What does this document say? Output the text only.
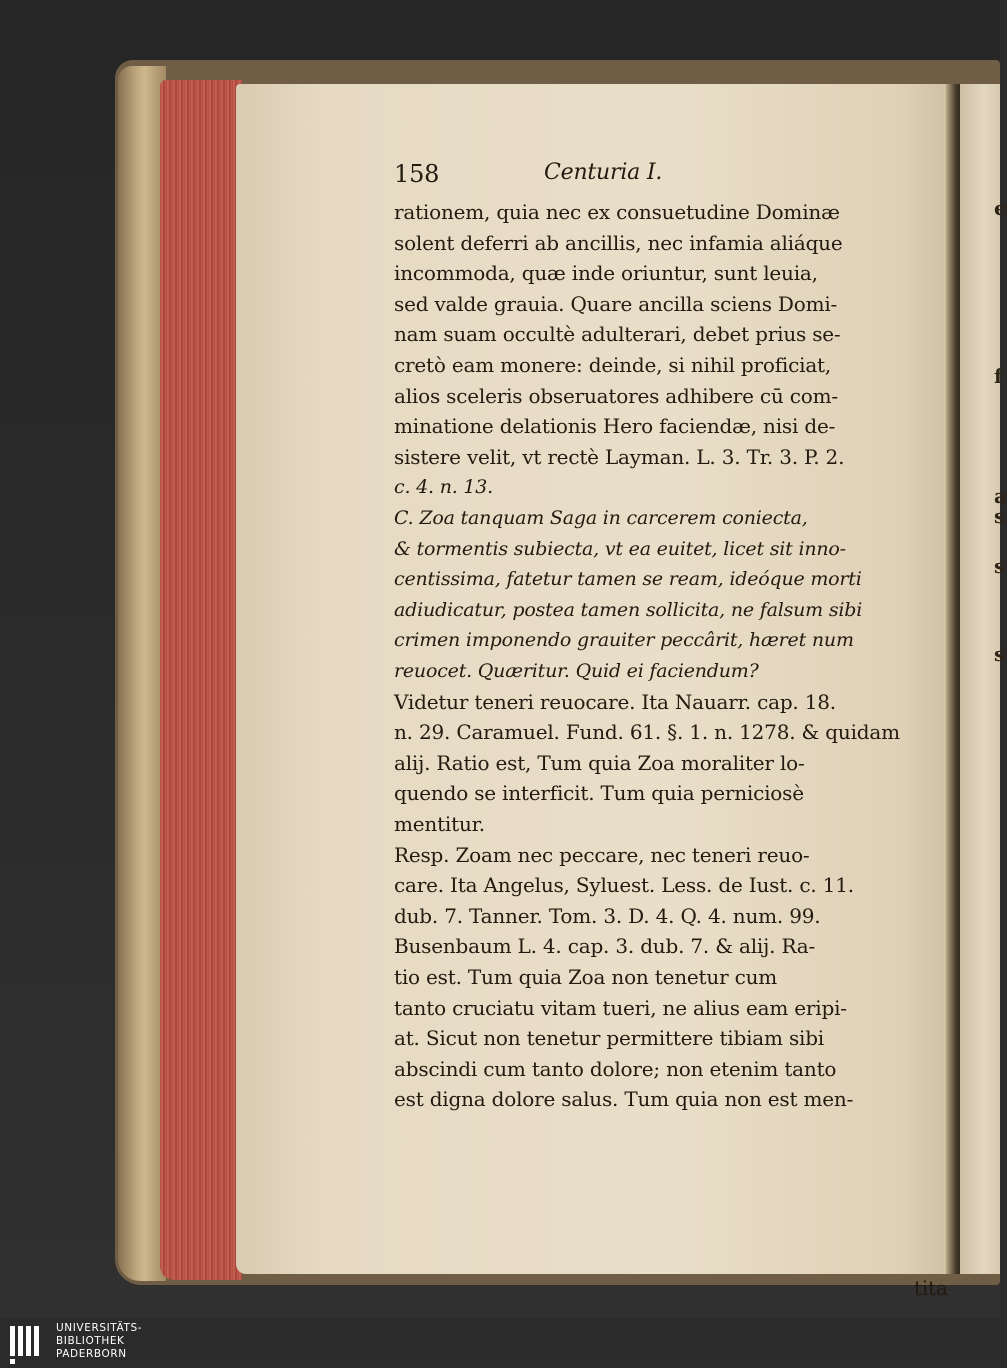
e
f
a
s
s
s
158	Centuria I.
rationem, quia nec ex consuetudine Dominæ
solent deferri ab ancillis, nec infamia aliáque
incommoda, quæ inde oriuntur, sunt leuia,
sed valde grauia. Quare ancilla sciens Domi-
nam suam occultè adulterari, debet prius se-
cretò eam monere: deinde, si nihil proficiat,
alios sceleris obseruatores adhibere cū com-
minatione delationis Hero faciendæ, nisi de-
sistere velit, vt rectè Layman. L. 3. Tr. 3. P. 2.
c. 4. n. 13.
C. Zoa tanquam Saga in carcerem coniecta,
& tormentis subiecta, vt ea euitet, licet sit inno-
centissima, fatetur tamen se ream, ideóque morti
adiudicatur, postea tamen sollicita, ne falsum sibi
crimen imponendo grauiter peccârit, hæret num
reuocet. Quæritur. Quid ei faciendum?
Videtur teneri reuocare. Ita Nauarr. cap. 18.
n. 29. Caramuel. Fund. 61. §. 1. n. 1278. & quidam
alij. Ratio est, Tum quia Zoa moraliter lo-
quendo se interficit. Tum quia perniciosè
mentitur.
Resp. Zoam nec peccare, nec teneri reuo-
care. Ita Angelus, Syluest. Less. de Iust. c. 11.
dub. 7. Tanner. Tom. 3. D. 4. Q. 4. num. 99.
Busenbaum L. 4. cap. 3. dub. 7. & alij. Ra-
tio est. Tum quia Zoa non tenetur cum
tanto cruciatu vitam tueri, ne alius eam eripi-
at. Sicut non tenetur permittere tibiam sibi
abscindi cum tanto dolore; non etenim tanto
est digna dolore salus. Tum quia non est men-
tita
UNIVERSITÄTS-
BIBLIOTHEK
PADERBORN
